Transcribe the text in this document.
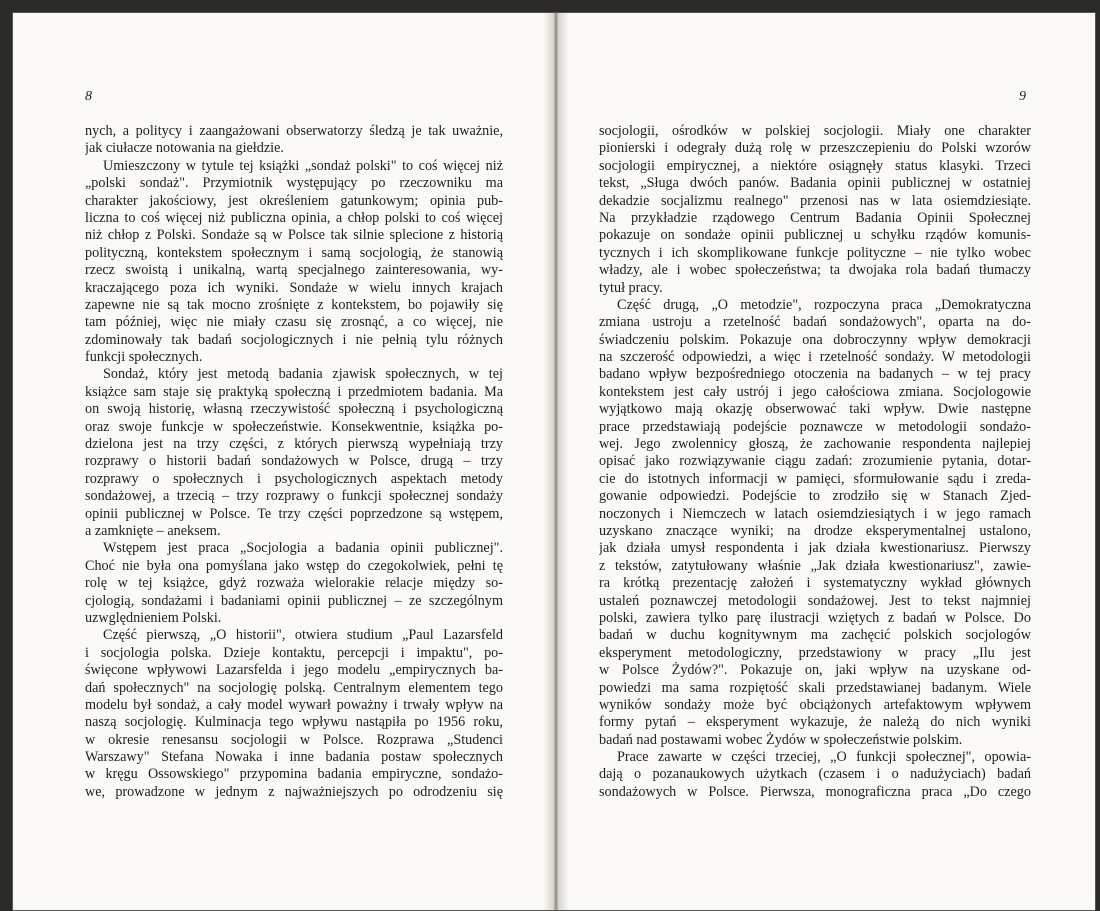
8
nych, a politycy i zaangażowani obserwatorzy śledzą je tak uważnie,
jak ciułacze notowania na giełdzie.
Umieszczony w tytule tej książki „sondaż polski" to coś więcej niż
„polski sondaż". Przymiotnik występujący po rzeczowniku ma
charakter jakościowy, jest określeniem gatunkowym; opinia pub-
liczna to coś więcej niż publiczna opinia, a chłop polski to coś więcej
niż chłop z Polski. Sondaże są w Polsce tak silnie splecione z historią
polityczną, kontekstem społecznym i samą socjologią, że stanowią
rzecz swoistą i unikalną, wartą specjalnego zainteresowania, wy-
kraczającego poza ich wyniki. Sondaże w wielu innych krajach
zapewne nie są tak mocno zrośnięte z kontekstem, bo pojawiły się
tam później, więc nie miały czasu się zrosnąć, a co więcej, nie
zdominowały tak badań socjologicznych i nie pełnią tylu różnych
funkcji społecznych.
Sondaż, który jest metodą badania zjawisk społecznych, w tej
książce sam staje się praktyką społeczną i przedmiotem badania. Ma
on swoją historię, własną rzeczywistość społeczną i psychologiczną
oraz swoje funkcje w społeczeństwie. Konsekwentnie, książka po-
dzielona jest na trzy części, z których pierwszą wypełniają trzy
rozprawy o historii badań sondażowych w Polsce, drugą – trzy
rozprawy o społecznych i psychologicznych aspektach metody
sondażowej, a trzecią – trzy rozprawy o funkcji społecznej sondaży
opinii publicznej w Polsce. Te trzy części poprzedzone są wstępem,
a zamknięte – aneksem.
Wstępem jest praca „Socjologia a badania opinii publicznej".
Choć nie była ona pomyślana jako wstęp do czegokolwiek, pełni tę
rolę w tej książce, gdyż rozważa wielorakie relacje między so-
cjologią, sondażami i badaniami opinii publicznej – ze szczególnym
uzwględnieniem Polski.
Część pierwszą, „O historii", otwiera studium „Paul Lazarsfeld
i socjologia polska. Dzieje kontaktu, percepcji i impaktu", po-
święcone wpływowi Lazarsfelda i jego modelu „empirycznych ba-
dań społecznych" na socjologię polską. Centralnym elementem tego
modelu był sondaż, a cały model wywarł poważny i trwały wpływ na
naszą socjologię. Kulminacja tego wpływu nastąpiła po 1956 roku,
w okresie renesansu socjologii w Polsce. Rozprawa „Studenci
Warszawy" Stefana Nowaka i inne badania postaw społecznych
w kręgu Ossowskiego" przypomina badania empiryczne, sondażo-
we, prowadzone w jednym z najważniejszych po odrodzeniu się
9
socjologii, ośrodków w polskiej socjologii. Miały one charakter
pionierski i odegrały dużą rolę w przeszczepieniu do Polski wzorów
socjologii empirycznej, a niektóre osiągnęły status klasyki. Trzeci
tekst, „Sługa dwóch panów. Badania opinii publicznej w ostatniej
dekadzie socjalizmu realnego" przenosi nas w lata osiemdziesiąte.
Na przykładzie rządowego Centrum Badania Opinii Społecznej
pokazuje on sondaże opinii publicznej u schyłku rządów komunis-
tycznych i ich skomplikowane funkcje polityczne – nie tylko wobec
władzy, ale i wobec społeczeństwa; ta dwojaka rola badań tłumaczy
tytuł pracy.
Część drugą, „O metodzie", rozpoczyna praca „Demokratyczna
zmiana ustroju a rzetelność badań sondażowych", oparta na do-
świadczeniu polskim. Pokazuje ona dobroczynny wpływ demokracji
na szczerość odpowiedzi, a więc i rzetelność sondaży. W metodologii
badano wpływ bezpośredniego otoczenia na badanych – w tej pracy
kontekstem jest cały ustrój i jego całościowa zmiana. Socjologowie
wyjątkowo mają okazję obserwować taki wpływ. Dwie następne
prace przedstawiają podejście poznawcze w metodologii sondażo-
wej. Jego zwolennicy głoszą, że zachowanie respondenta najlepiej
opisać jako rozwiązywanie ciągu zadań: zrozumienie pytania, dotar-
cie do istotnych informacji w pamięci, sformułowanie sądu i zreda-
gowanie odpowiedzi. Podejście to zrodziło się w Stanach Zjed-
noczonych i Niemczech w latach osiemdziesiątych i w jego ramach
uzyskano znaczące wyniki; na drodze eksperymentalnej ustalono,
jak działa umysł respondenta i jak działa kwestionariusz. Pierwszy
z tekstów, zatytułowany właśnie „Jak działa kwestionariusz", zawie-
ra krótką prezentację założeń i systematyczny wykład głównych
ustaleń poznawczej metodologii sondażowej. Jest to tekst najmniej
polski, zawiera tylko parę ilustracji wziętych z badań w Polsce. Do
badań w duchu kognitywnym ma zachęcić polskich socjologów
eksperyment metodologiczny, przedstawiony w pracy „Ilu jest
w Polsce Żydów?". Pokazuje on, jaki wpływ na uzyskane od-
powiedzi ma sama rozpiętość skali przedstawianej badanym. Wiele
wyników sondaży może być obciążonych artefaktowym wpływem
formy pytań – eksperyment wykazuje, że należą do nich wyniki
badań nad postawami wobec Żydów w społeczeństwie polskim.
Prace zawarte w części trzeciej, „O funkcji społecznej", opowia-
dają o pozanaukowych użytkach (czasem i o nadużyciach) badań
sondażowych w Polsce. Pierwsza, monograficzna praca „Do czego
